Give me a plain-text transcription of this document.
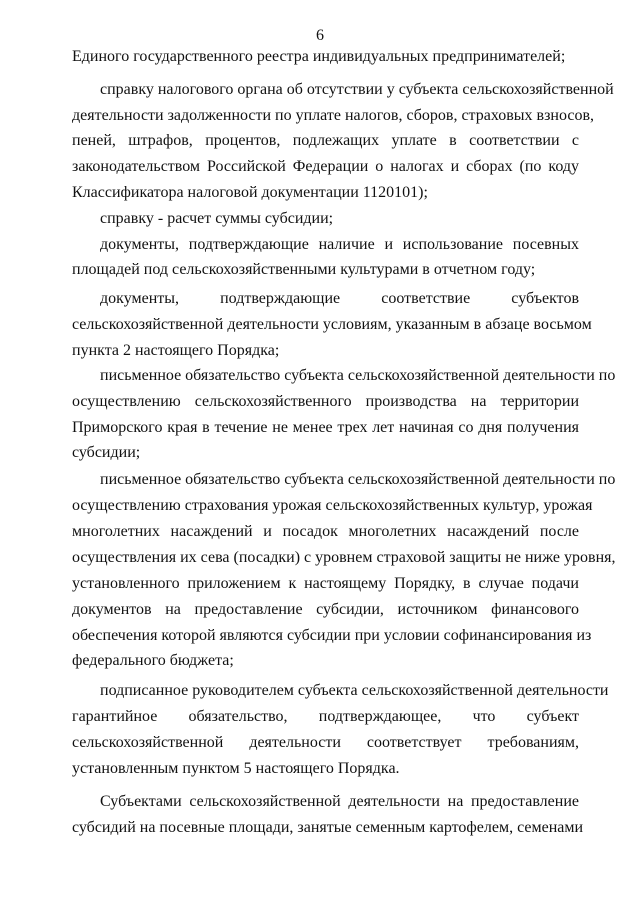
6
Единого государственного реестра индивидуальных предпринимателей;
справку налогового органа об отсутствии у субъекта сельскохозяйственной
деятельности задолженности по уплате налогов, сборов, страховых взносов,
пеней, штрафов, процентов, подлежащих уплате в соответствии с
законодательством Российской Федерации о налогах и сборах (по коду
Классификатора налоговой документации 1120101);
справку - расчет суммы субсидии;
документы, подтверждающие наличие и использование посевных
площадей под сельскохозяйственными культурами в отчетном году;
документы, подтверждающие соответствие субъектов
сельскохозяйственной деятельности условиям, указанным в абзаце восьмом
пункта 2 настоящего Порядка;
письменное обязательство субъекта сельскохозяйственной деятельности по
осуществлению сельскохозяйственного производства на территории
Приморского края в течение не менее трех лет начиная со дня получения
субсидии;
письменное обязательство субъекта сельскохозяйственной деятельности по
осуществлению страхования урожая сельскохозяйственных культур, урожая
многолетних насаждений и посадок многолетних насаждений после
осуществления их сева (посадки) с уровнем страховой защиты не ниже уровня,
установленного приложением к настоящему Порядку, в случае подачи
документов на предоставление субсидии, источником финансового
обеспечения которой являются субсидии при условии софинансирования из
федерального бюджета;
подписанное руководителем субъекта сельскохозяйственной деятельности
гарантийное обязательство, подтверждающее, что субъект
сельскохозяйственной деятельности соответствует требованиям,
установленным пунктом 5 настоящего Порядка.
Субъектами сельскохозяйственной деятельности на предоставление
субсидий на посевные площади, занятые семенным картофелем, семенами
